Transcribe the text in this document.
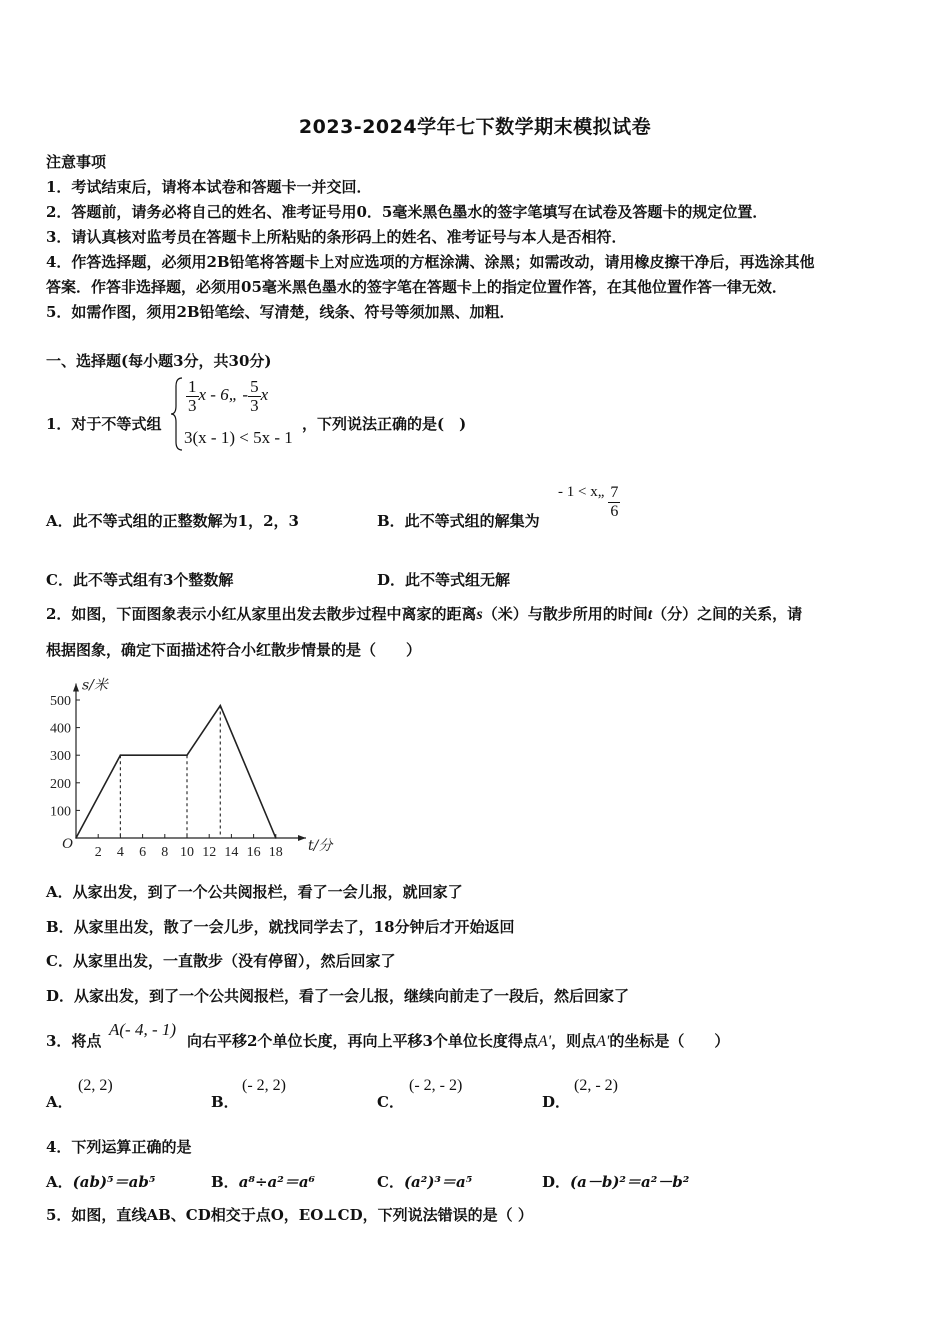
2023-2024学年七下数学期末模拟试卷
注意事项
1．考试结束后，请将本试卷和答题卡一并交回．
2．答题前，请务必将自己的姓名、准考证号用0．5毫米黑色墨水的签字笔填写在试卷及答题卡的规定位置．
3．请认真核对监考员在答题卡上所粘贴的条形码上的姓名、准考证号与本人是否相符．
4．作答选择题，必须用2B铅笔将答题卡上对应选项的方框涂满、涂黑；如需改动，请用橡皮擦干净后，再选涂其他
答案．作答非选择题，必须用05毫米黑色墨水的签字笔在答题卡上的指定位置作答，在其他位置作答一律无效．
5．如需作图，须用2B铅笔绘、写清楚，线条、符号等须加黑、加粗．
一、选择题(每小题3分，共30分)
1．对于不等式组
$\frac{1}{3}$ x - 6„ - $\frac{5}{3}$ x
3(x - 1) < 5x - 1
，下列说法正确的是(　)
A．此不等式组的正整数解为1，2，3	B．此不等式组的解集为
- 1 < x„ $\frac{7}{6}$
C．此不等式组有3个整数解	D．此不等式组无解
2．如图，下面图象表示小红从家里出发去散步过程中离家的距离s（米）与散步所用的时间t（分）之间的关系，请
根据图象，确定下面描述符合小红散步情景的是（　　）
2 4 6 8 10 12 14 16 18
100
200
300
400
500
O	t/分
s/米
A．从家出发，到了一个公共阅报栏，看了一会儿报，就回家了
B．从家里出发，散了一会儿步，就找同学去了，18分钟后才开始返回
C．从家里出发，一直散步（没有停留），然后回家了
D．从家出发，到了一个公共阅报栏，看了一会儿报，继续向前走了一段后，然后回家了
3．将点
A(- 4, - 1)
向右平移2个单位长度，再向上平移3个单位长度得点A'，则点A'的坐标是（　　）
A．
(2, 2)
B．
(- 2, 2)
C．
(- 2, - 2)
D．
(2, - 2)
4．下列运算正确的是
A．(ab)⁵＝ab⁵	B．a⁸÷a²＝a⁶	C．(a²)³＝a⁵	D．(a－b)²＝a²－b²
5．如图，直线AB、CD相交于点O，EO⊥CD，下列说法错误的是（ ）
